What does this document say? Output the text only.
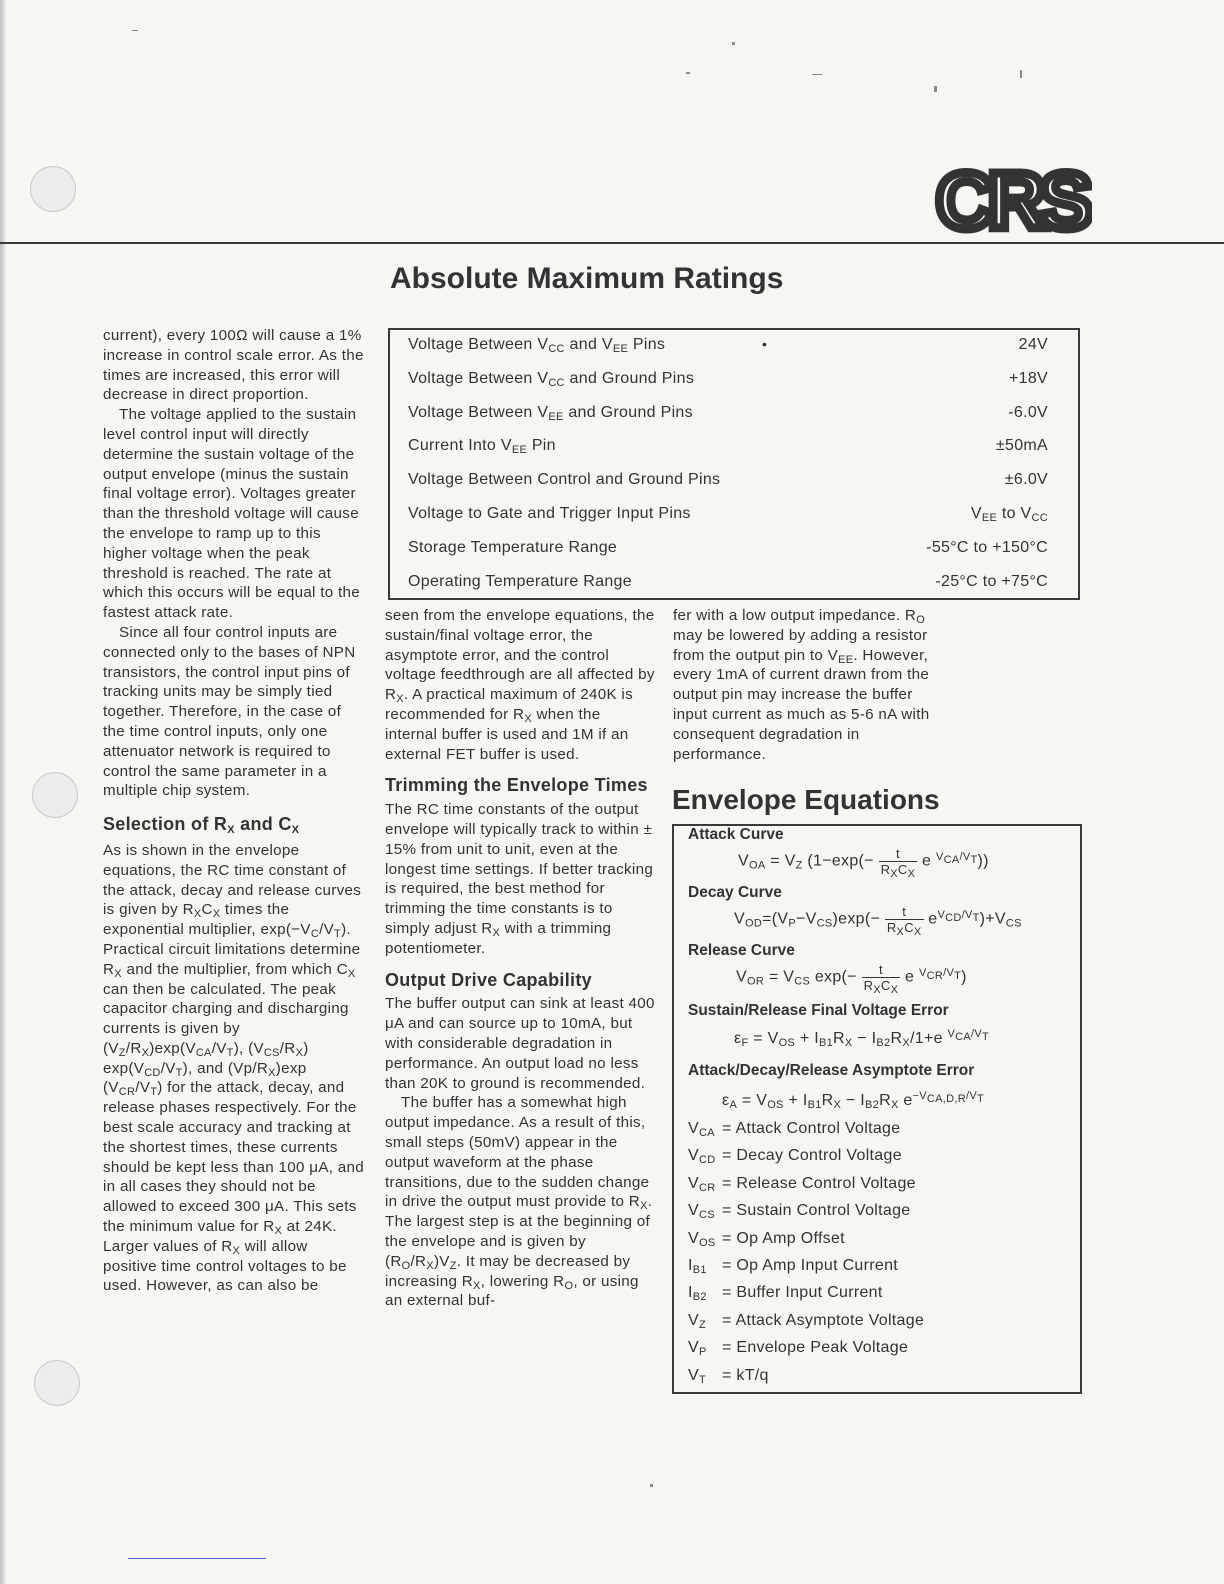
CRS
Absolute Maximum Ratings
Voltage Between $V_{CC}$ and $V_{EE}$ Pins	•	24V
Voltage Between $V_{CC}$ and Ground Pins	+18V
Voltage Between $V_{EE}$ and Ground Pins	-6.0V
Current Into $V_{EE}$ Pin	±50mA
Voltage Between Control and Ground Pins	±6.0V
Voltage to Gate and Trigger Input Pins	$V_{EE}$ to $V_{CC}$
Storage Temperature Range	-55°C to +150°C
Operating Temperature Range	-25°C to +75°C

current), every 100Ω will cause a 1% increase in control scale error. As the times are increased, this error will decrease in direct proportion.

The voltage applied to the sustain level control input will directly determine the sustain voltage of the output envelope (minus the sustain final voltage error). Voltages greater than the threshold voltage will cause the envelope to ramp up to this higher voltage when the peak threshold is reached. The rate at which this occurs will be equal to the fastest attack rate.

Since all four control inputs are connected only to the bases of NPN transistors, the control input pins of tracking units may be simply tied together. Therefore, in the case of the time control inputs, only one attenuator network is required to control the same parameter in a multiple chip system.

Selection of $R_X$ and $C_X$

As is shown in the envelope equations, the RC time constant of the attack, decay and release curves is given by $R_XC_X$ times the exponential multiplier, $\exp(-V_C/V_T)$. Practical circuit limitations determine $R_X$ and the multiplier, from which $C_X$ can then be calculated. The peak capacitor charging and discharging currents is given by $(V_Z/R_X)\exp(V_{CA}/V_T)$, $(V_{CS}/R_X)$ $\exp(V_{CD}/V_T)$, and $(Vp/R_X)\exp$ $(V_{CR}/V_T)$ for the attack, decay, and release phases respectively. For the best scale accuracy and tracking at the shortest times, these currents should be kept less than 100 μA, and in all cases they should not be allowed to exceed 300 μA. This sets the minimum value for $R_X$ at 24K. Larger values of $R_X$ will allow positive time control voltages to be used. However, as can also be

seen from the envelope equations, the sustain/final voltage error, the asymptote error, and the control voltage feedthrough are all affected by $R_X$. A practical maximum of 240K is recommended for $R_X$ when the internal buffer is used and 1M if an external FET buffer is used.

Trimming the Envelope Times

The RC time constants of the output envelope will typically track to within ± 15% from unit to unit, even at the longest time settings. If better tracking is required, the best method for trimming the time constants is to simply adjust $R_X$ with a trimming potentiometer.

Output Drive Capability

The buffer output can sink at least 400 μA and can source up to 10mA, but with considerable degradation in performance. An output load no less than 20K to ground is recommended.

The buffer has a somewhat high output impedance. As a result of this, small steps (50mV) appear in the output waveform at the phase transitions, due to the sudden change in drive the output must provide to $R_X$. The largest step is at the beginning of the envelope and is given by $(R_O/R_X)V_Z$. It may be decreased by increasing $R_X$, lowering $R_O$, or using an external buf-

fer with a low output impedance. $R_O$ may be lowered by adding a resistor from the output pin to $V_{EE}$. However, every 1mA of current drawn from the output pin may increase the buffer input current as much as 5-6 nA with consequent degradation in performance.

Envelope Equations
Attack Curve
$V_{OA} = V_Z$ ($1-\exp(- \frac{t}{R_XC_X}$ e $^{V_{CA}/V_T}$))
Decay Curve
$V_{OD}=(V_P-V_{CS})\exp(- \frac{t}{R_XC_X} e^{V_{CD}/V_T})+V_{CS}$
Release Curve
$V_{OR} = V_{CS}$ $\exp(- \frac{t}{R_XC_X}$ e $^{V_{CR}/V_T}$)
Sustain/Release Final Voltage Error
$\varepsilon_F = V_{OS} + I_{B1}R_X - I_{B2}R_X/1+e$ $^{V_{CA}/V_T}$
Attack/Decay/Release Asymptote Error
$\varepsilon_A = V_{OS} + I_{B1}R_X - I_{B2}R_X$ $e^{-V_{CA,D,R}/V_T}$
$V_{CA}$ = Attack Control Voltage
$V_{CD}$ = Decay Control Voltage
$V_{CR}$ = Release Control Voltage
$V_{CS}$ = Sustain Control Voltage
$V_{OS} = Op$ Amp Offset
$I_{B1} = Op$ Amp Input Current
$I_{B2}$ = Buffer Input Current
$V_Z$ = Attack Asymptote Voltage
$V_P$ = Envelope Peak Voltage
$V_T = kT/q$
